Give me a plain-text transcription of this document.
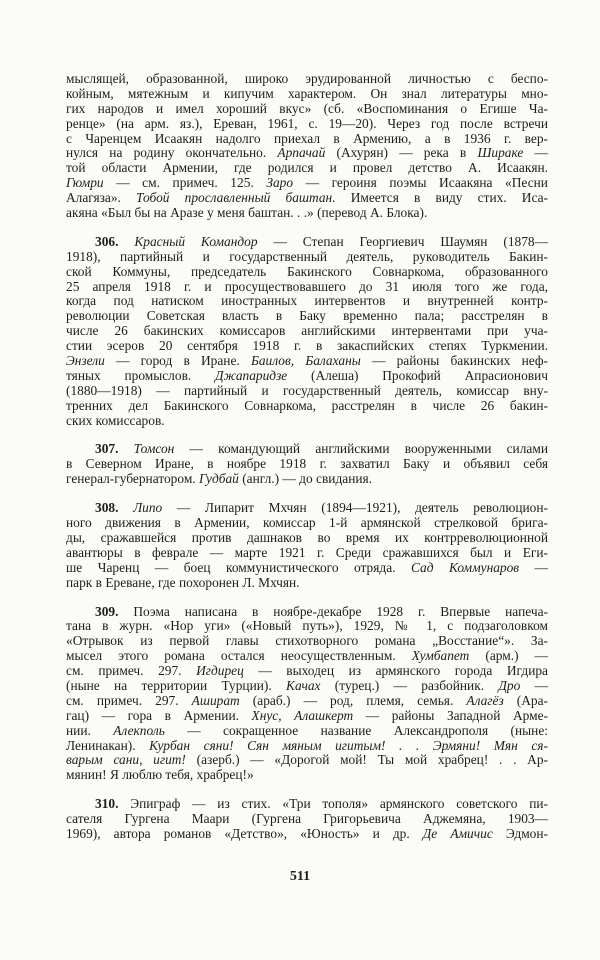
мыслящей, образованной, широко эрудированной личностью с беспо-
койным, мятежным и кипучим характером. Он знал литературы мно-
гих народов и имел хороший вкус» (сб. «Воспоминания о Егише Ча-
ренце» (на арм. яз.), Ереван, 1961, с. 19—20). Через год после встречи
с Чаренцем Исаакян надолго приехал в Армению, а в 1936 г. вер-
нулся на родину окончательно. Арпачай (Ахурян) — река в Шираке —
той области Армении, где родился и провел детство А. Исаакян.
Гюмри — см. примеч. 125. Заро — героиня поэмы Исаакяна «Песни
Алагяза». Тобой прославленный баштан. Имеется в виду стих. Иса-
акяна «Был бы на Аразе у меня баштан. . .» (перевод А. Блока).
306. Красный Командор — Степан Георгиевич Шаумян (1878—
1918), партийный и государственный деятель, руководитель Бакин-
ской Коммуны, председатель Бакинского Совнаркома, образованного
25 апреля 1918 г. и просуществовавшего до 31 июля того же года,
когда под натиском иностранных интервентов и внутренней контр-
революции Советская власть в Баку временно пала; расстрелян в
числе 26 бакинских комиссаров английскими интервентами при уча-
стии эсеров 20 сентября 1918 г. в закаспийских степях Туркмении.
Энзели — город в Иране. Баилов, Балаханы — районы бакинских неф-
тяных промыслов. Джапаридзе (Алеша) Прокофий Апрасионович
(1880—1918) — партийный и государственный деятель, комиссар вну-
тренних дел Бакинского Совнаркома, расстрелян в числе 26 бакин-
ских комиссаров.
307. Томсон — командующий английскими вооруженными силами
в Северном Иране, в ноябре 1918 г. захватил Баку и объявил себя
генерал-губернатором. Гудбай (англ.) — до свидания.
308. Липо — Липарит Мхчян (1894—1921), деятель революцион-
ного движения в Армении, комиссар 1-й армянской стрелковой брига-
ды, сражавшейся против дашнаков во время их контрреволюционной
авантюры в феврале — марте 1921 г. Среди сражавшихся был и Еги-
ше Чаренц — боец коммунистического отряда. Сад Коммунаров —
парк в Ереване, где похоронен Л. Мхчян.
309. Поэма написана в ноябре-декабре 1928 г. Впервые напеча-
тана в журн. «Нор уги» («Новый путь»), 1929, № 1, с подзаголовком
«Отрывок из первой главы стихотворного романа „Восстание“». За-
мысел этого романа остался неосуществленным. Хумбапет (арм.) —
см. примеч. 297. Игдирец — выходец из армянского города Игдира
(ныне на территории Турции). Качах (турец.) — разбойник. Дро —
см. примеч. 297. Ашират (араб.) — род, племя, семья. Алагёз (Ара-
гац) — гора в Армении. Хнус, Алашкерт — районы Западной Арме-
нии. Алекполь — сокращенное название Александрополя (ныне:
Ленинакан). Курбан сяни! Сян мяным игитым! . . Эрмяни! Мян ся-
варым сани, игит! (азерб.) — «Дорогой мой! Ты мой храбрец! . . Ар-
мянин! Я люблю тебя, храбрец!»
310. Эпиграф — из стих. «Три тополя» армянского советского пи-
сателя Гургена Маари (Гургена Григорьевича Аджемяна, 1903—
1969), автора романов «Детство», «Юность» и др. Де Амичис Эдмон-
511
